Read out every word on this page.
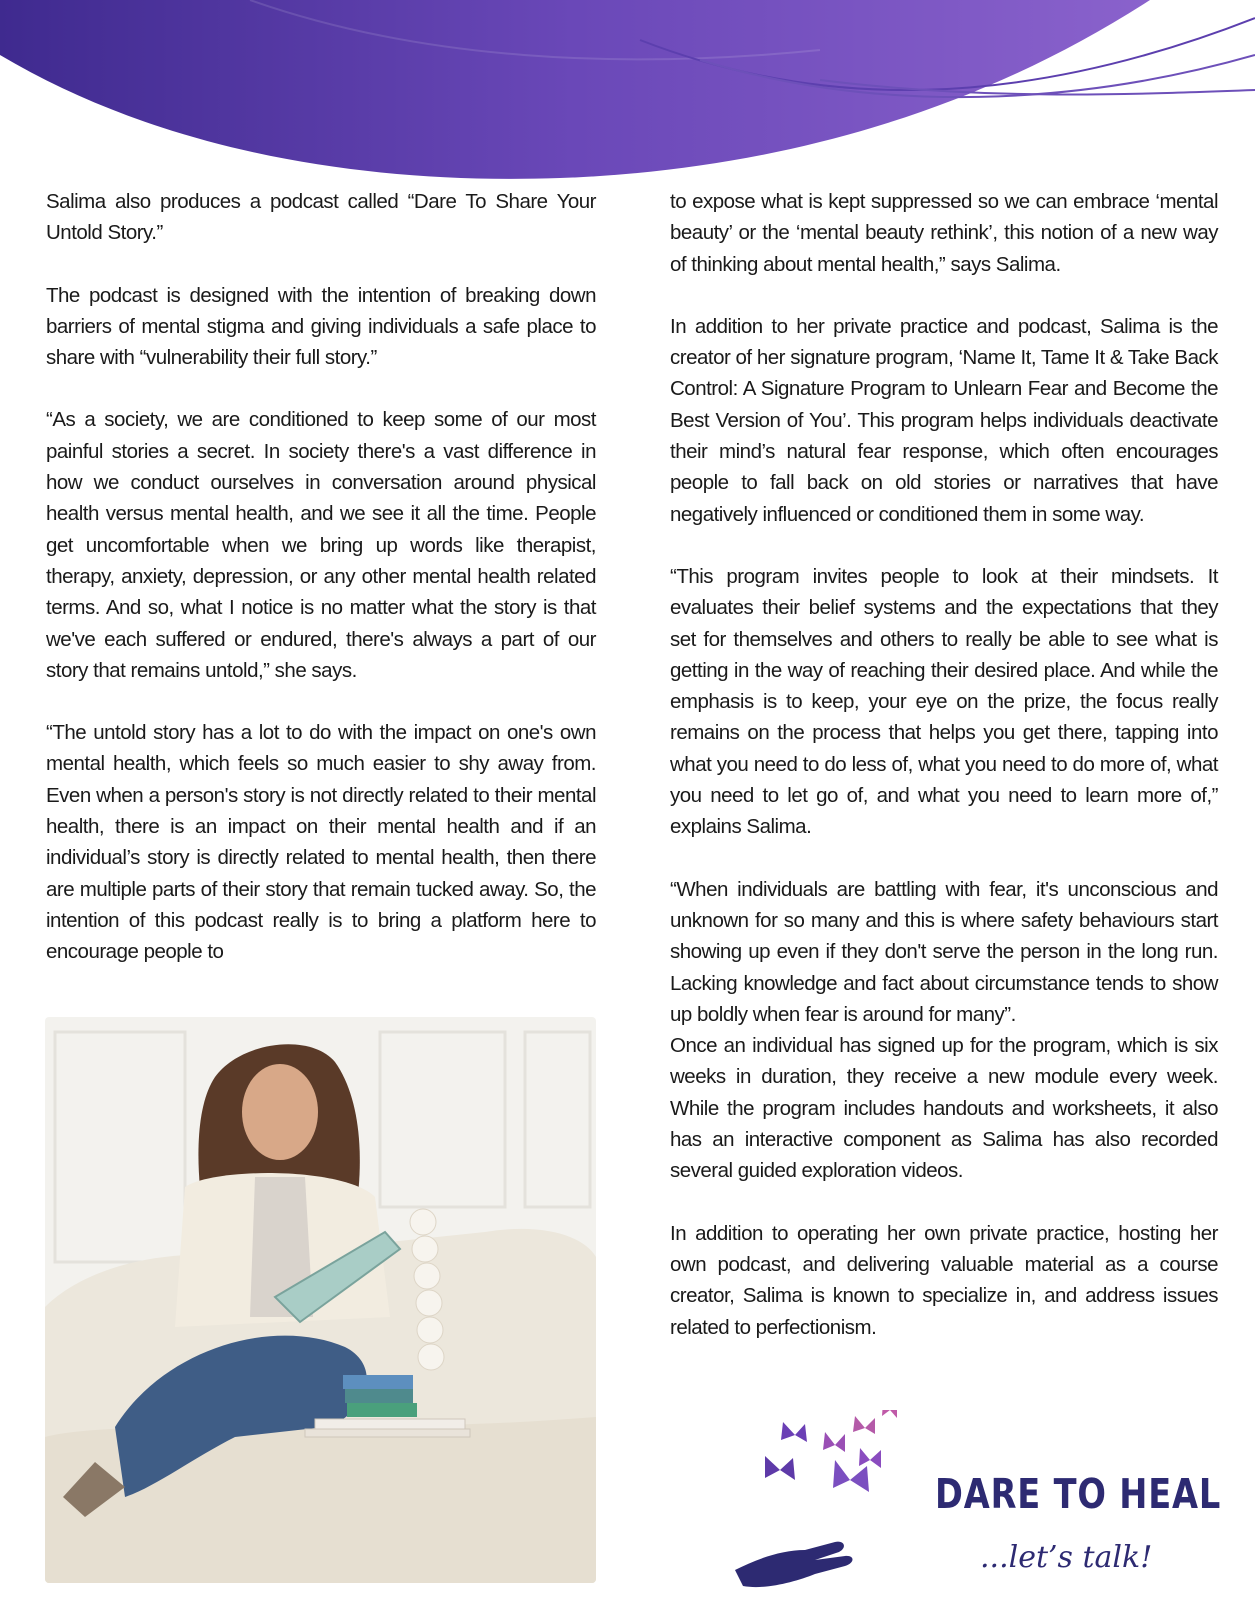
Salima also produces a podcast called “Dare To Share Your Untold Story.”

The podcast is designed with the intention of breaking down barriers of mental stigma and giving individuals a safe place to share with “vulnerability their full story.”

“As a society, we are conditioned to keep some of our most painful stories a secret. In society there's a vast difference in how we conduct ourselves in conversation around physical health versus mental health, and we see it all the time. People get uncomfortable when we bring up words like therapist, therapy, anxiety, depression, or any other mental health related terms. And so, what I notice is no matter what the story is that we've each suffered or endured, there's always a part of our story that remains untold,” she says.

“The untold story has a lot to do with the impact on one's own mental health, which feels so much easier to shy away from. Even when a person's story is not directly related to their mental health, there is an impact on their mental health and if an individual’s story is directly related to mental health, then there are multiple parts of their story that remain tucked away. So, the intention of this podcast really is to bring a platform here to encourage people to

to expose what is kept suppressed so we can embrace ‘mental beauty’ or the ‘mental beauty rethink’, this notion of a new way of thinking about mental health,” says Salima.

In addition to her private practice and podcast, Salima is the creator of her signature program, ‘Name It, Tame It & Take Back Control: A Signature Program to Unlearn Fear and Become the Best Version of You’. This program helps individuals deactivate their mind’s natural fear response, which often encourages people to fall back on old stories or narratives that have negatively influenced or conditioned them in some way.

“This program invites people to look at their mindsets. It evaluates their belief systems and the expectations that they set for themselves and others to really be able to see what is getting in the way of reaching their desired place. And while the emphasis is to keep, your eye on the prize, the focus really remains on the process that helps you get there, tapping into what you need to do less of, what you need to do more of, what you need to let go of, and what you need to learn more of,” explains Salima.

“When individuals are battling with fear, it's unconscious and unknown for so many and this is where safety behaviours start showing up even if they don't serve the person in the long run. Lacking knowledge and fact about circumstance tends to show up boldly when fear is around for many”.

Once an individual has signed up for the program, which is six weeks in duration, they receive a new module every week. While the program includes handouts and worksheets, it also has an interactive component as Salima has also recorded several guided exploration videos.

In addition to operating her own private practice, hosting her own podcast, and delivering valuable material as a course creator, Salima is known to specialize in, and address issues related to perfectionism.

DARE TO HEAL
...let’s talk!
